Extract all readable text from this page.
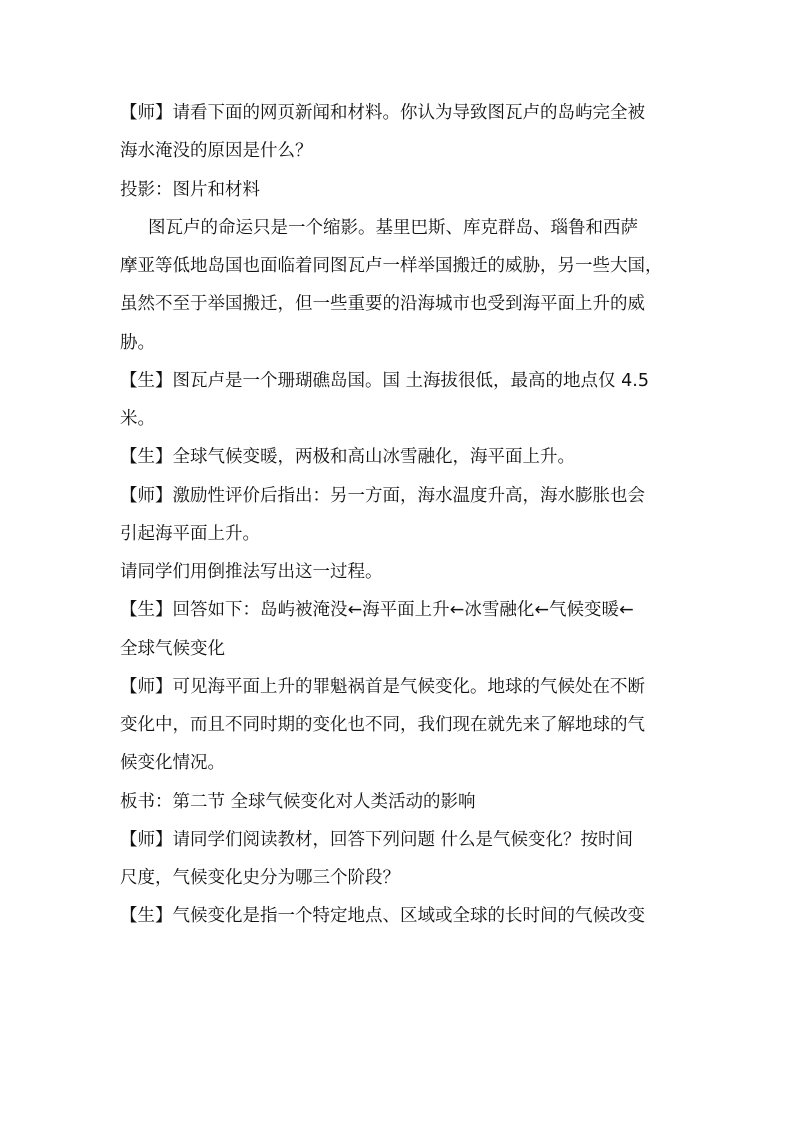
【师】请看下面的网页新闻和材料。你认为导致图瓦卢的岛屿完全被
海水淹没的原因是什么？
投影：图片和材料
图瓦卢的命运只是一个缩影。基里巴斯、库克群岛、瑙鲁和西萨
摩亚等低地岛国也面临着同图瓦卢一样举国搬迁的威胁，另一些大国，
虽然不至于举国搬迁，但一些重要的沿海城市也受到海平面上升的威
胁。
【生】图瓦卢是一个珊瑚礁岛国。国 土海拔很低，最高的地点仅 4.5
米。
【生】全球气候变暖，两极和高山冰雪融化，海平面上升。
【师】激励性评价后指出：另一方面，海水温度升高，海水膨胀也会
引起海平面上升。
请同学们用倒推法写出这一过程。
【生】回答如下：岛屿被淹没←海平面上升←冰雪融化←气候变暖←
全球气候变化
【师】可见海平面上升的罪魁祸首是气候变化。地球的气候处在不断
变化中，而且不同时期的变化也不同，我们现在就先来了解地球的气
候变化情况。
板书：第二节 全球气候变化对人类活动的影响
【师】请同学们阅读教材，回答下列问题 什么是气候变化？按时间
尺度，气候变化史分为哪三个阶段？
【生】气候变化是指一个特定地点、区域或全球的长时间的气候改变
